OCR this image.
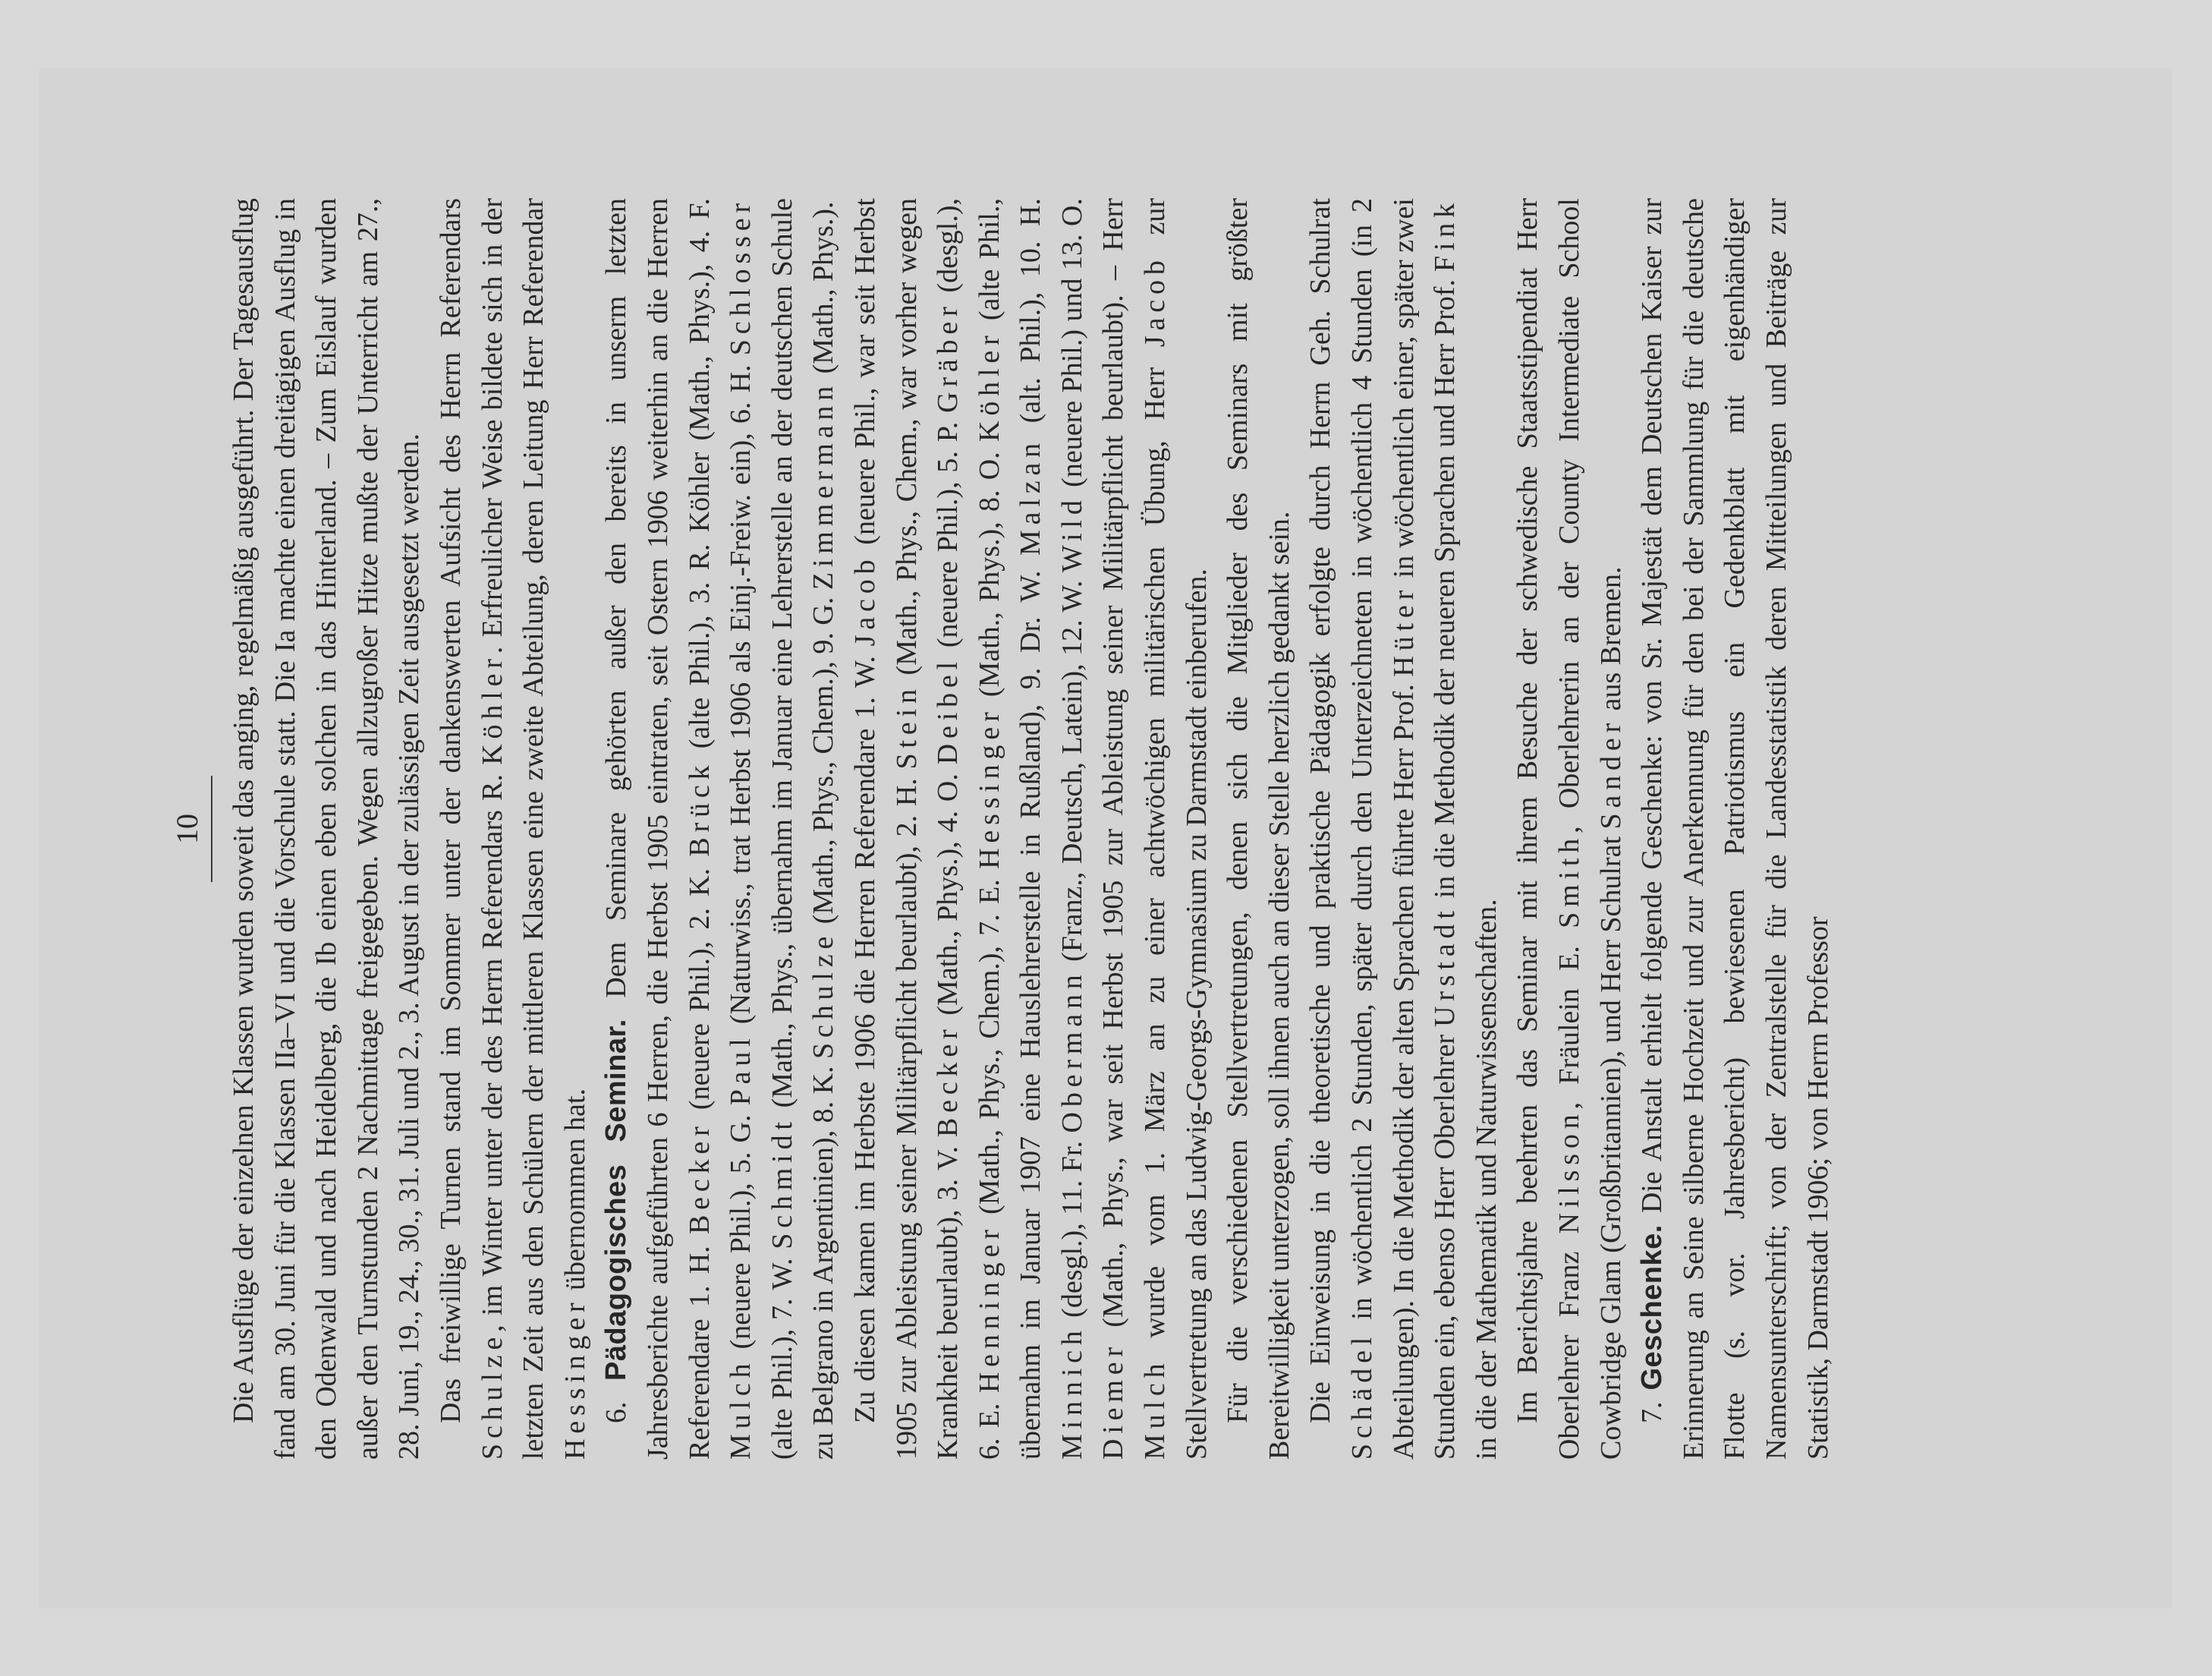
10 Die Ausflüge der einzelnen Klassen wurden soweit das anging, regelmäßig ausgeführt. Der Tagesausflug fand am 30. Juni für die Klassen IIa–VI und die Vorschule statt. Die Ia machte einen dreitägigen Ausflug in den Odenwald und nach Heidelberg, die Ib einen eben solchen in das Hinterland. – Zum Eislauf wurden außer den Turnstunden 2 Nachmittage freigegeben. Wegen allzugroßer Hitze mußte der Unterricht am 27., 28. Juni, 19., 24., 30., 31. Juli und 2., 3. August in der zulässigen Zeit ausgesetzt werden. Das freiwillige Turnen stand im Sommer unter der dankenswerten Aufsicht des Herrn Referendars Schulze, im Winter unter der des Herrn Referendars R. Köhler. Erfreulicher Weise bildete sich in der letzten Zeit aus den Schülern der mittleren Klassen eine zweite Abteilung, deren Leitung Herr Referendar Hessinger übernommen hat.

6. Pädagogisches Seminar. Dem Seminare gehörten außer den bereits in unserm letzten Jahresberichte aufgeführten 6 Herren, die Herbst 1905 eintraten, seit Ostern 1906 weiterhin an die Herren Referendare 1. H. Becker (neuere Phil.), 2. K. Brück (alte Phil.), 3. R. Köhler (Math., Phys.), 4. F. Mulch (neuere Phil.), 5. G. Paul (Naturwiss., trat Herbst 1906 als Einj.-Freiw. ein), 6. H. Schlosser (alte Phil.), 7. W. Schmidt (Math., Phys., übernahm im Januar eine Lehrerstelle an der deutschen Schule zu Belgrano in Argentinien), 8. K. Schulze (Math., Phys., Chem.), 9. G. Zimmermann (Math., Phys.).

Zu diesen kamen im Herbste 1906 die Herren Referendare 1. W. Jacob (neuere Phil., war seit Herbst 1905 zur Ableistung seiner Militärpflicht beurlaubt), 2. H. Stein (Math., Phys., Chem., war vorher wegen Krankheit beurlaubt), 3. V. Becker (Math., Phys.), 4. O. Deibel (neuere Phil.), 5. P. Gräber (desgl.), 6. E. Henninger (Math., Phys., Chem.), 7. E. Hessinger (Math., Phys.), 8. O. Köhler (alte Phil., übernahm im Januar 1907 eine Hauslehrerstelle in Rußland), 9. Dr. W. Malzan (alt. Phil.), 10. H. Minnich (desgl.), 11. Fr. Obermann (Franz., Deutsch, Latein), 12. W. Wild (neuere Phil.) und 13. O. Diemer (Math., Phys., war seit Herbst 1905 zur Ableistung seiner Militärpflicht beurlaubt). – Herr Mulch wurde vom 1. März an zu einer achtwöchigen militärischen Übung, Herr Jacob zur Stellvertretung an das Ludwig-Georgs-Gymnasium zu Darmstadt einberufen. Für die verschiedenen Stellvertretungen, denen sich die Mitglieder des Seminars mit größter Bereitwilligkeit unterzogen, soll ihnen auch an dieser Stelle herzlich gedankt sein. Die Einweisung in die theoretische und praktische Pädagogik erfolgte durch Herrn Geh. Schulrat Schädel in wöchentlich 2 Stunden, später durch den Unterzeichneten in wöchentlich 4 Stunden (in 2 Abteilungen). In die Methodik der alten Sprachen führte Herr Prof. Hüter in wöchentlich einer, später zwei Stunden ein, ebenso Herr Oberlehrer Urstadt in die Methodik der neueren Sprachen und Herr Prof. Fink in die der Mathematik und Naturwissenschaften. Im Berichtsjahre beehrten das Seminar mit ihrem Besuche der schwedische Staatsstipendiat Herr Oberlehrer Franz Nilsson, Fräulein E. Smith, Oberlehrerin an der County Intermediate School Cowbridge Glam (Großbritannien), und Herr Schulrat Sander aus Bremen.

7. Geschenke. Die Anstalt erhielt folgende Geschenke: von Sr. Majestät dem Deutschen Kaiser zur Erinnerung an Seine silberne Hochzeit und zur Anerkennung für den bei der Sammlung für die deutsche Flotte (s. vor. Jahresbericht) bewiesenen Patriotismus ein Gedenkblatt mit eigenhändiger Namensunterschrift; von der Zentralstelle für die Landesstatistik deren Mitteilungen und Beiträge zur Statistik, Darmstadt 1906; von Herrn Professor
